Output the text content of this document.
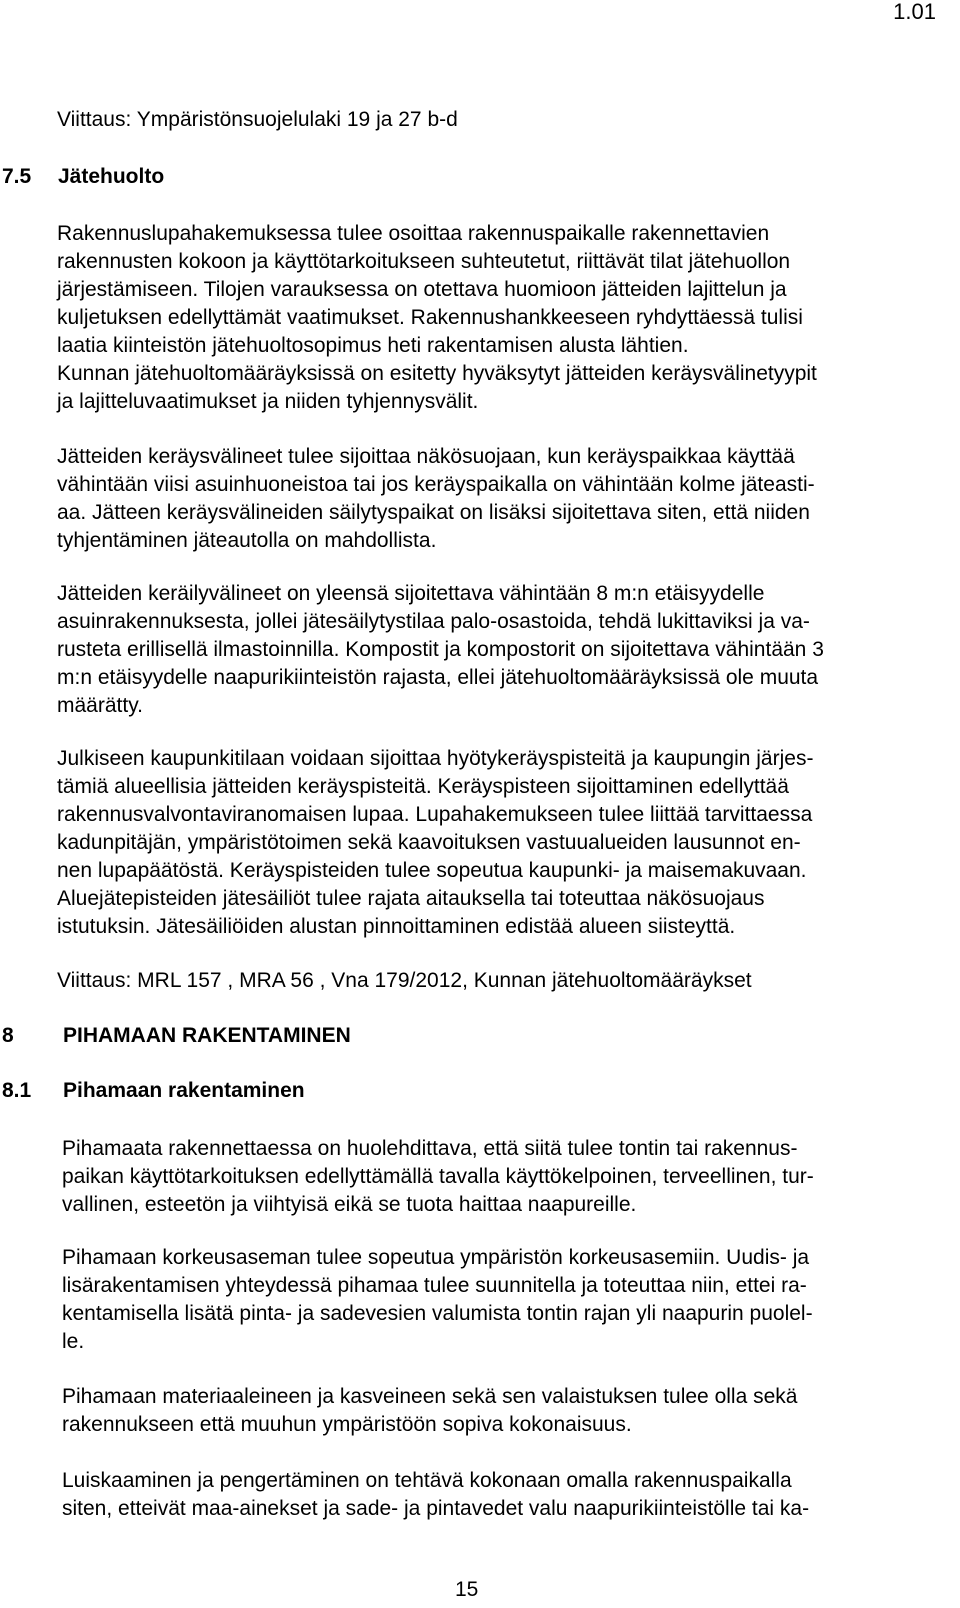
1.01
Viittaus: Ympäristönsuojelulaki 19 ja 27 b-d
7.5 Jätehuolto
Rakennuslupahakemuksessa tulee osoittaa rakennuspaikalle rakennettavien
rakennusten kokoon ja käyttötarkoitukseen suhteutetut, riittävät tilat jätehuollon
järjestämiseen. Tilojen varauksessa on otettava huomioon jätteiden lajittelun ja
kuljetuksen edellyttämät vaatimukset. Rakennushankkeeseen ryhdyttäessä tulisi
laatia kiinteistön jätehuoltosopimus heti rakentamisen alusta lähtien.
Kunnan jätehuoltomääräyksissä on esitetty hyväksytyt jätteiden keräysvälinetyypit
ja lajitteluvaatimukset ja niiden tyhjennysvälit.
Jätteiden keräysvälineet tulee sijoittaa näkösuojaan, kun keräyspaikkaa käyttää
vähintään viisi asuinhuoneistoa tai jos keräyspaikalla on vähintään kolme jäteasti-
aa. Jätteen keräysvälineiden säilytyspaikat on lisäksi sijoitettava siten, että niiden
tyhjentäminen jäteautolla on mahdollista.
Jätteiden keräilyvälineet on yleensä sijoitettava vähintään 8 m:n etäisyydelle
asuinrakennuksesta, jollei jätesäilytystilaa palo-osastoida, tehdä lukittaviksi ja va-
rusteta erillisellä ilmastoinnilla. Kompostit ja kompostorit on sijoitettava vähintään 3
m:n etäisyydelle naapurikiinteistön rajasta, ellei jätehuoltomääräyksissä ole muuta
määrätty.
Julkiseen kaupunkitilaan voidaan sijoittaa hyötykeräyspisteitä ja kaupungin järjes-
tämiä alueellisia jätteiden keräyspisteitä. Keräyspisteen sijoittaminen edellyttää
rakennusvalvontaviranomaisen lupaa. Lupahakemukseen tulee liittää tarvittaessa
kadunpitäjän, ympäristötoimen sekä kaavoituksen vastuualueiden lausunnot en-
nen lupapäätöstä. Keräyspisteiden tulee sopeutua kaupunki- ja maisemakuvaan.
Aluejätepisteiden jätesäiliöt tulee rajata aitauksella tai toteuttaa näkösuojaus
istutuksin. Jätesäiliöiden alustan pinnoittaminen edistää alueen siisteyttä.
Viittaus: MRL 157 , MRA 56 , Vna 179/2012, Kunnan jätehuoltomääräykset
8 PIHAMAAN RAKENTAMINEN
8.1 Pihamaan rakentaminen
Pihamaata rakennettaessa on huolehdittava, että siitä tulee tontin tai rakennus-
paikan käyttötarkoituksen edellyttämällä tavalla käyttökelpoinen, terveellinen, tur-
vallinen, esteetön ja viihtyisä eikä se tuota haittaa naapureille.
Pihamaan korkeusaseman tulee sopeutua ympäristön korkeusasemiin. Uudis- ja
lisärakentamisen yhteydessä pihamaa tulee suunnitella ja toteuttaa niin, ettei ra-
kentamisella lisätä pinta- ja sadevesien valumista tontin rajan yli naapurin puolel-
le.
Pihamaan materiaaleineen ja kasveineen sekä sen valaistuksen tulee olla sekä
rakennukseen että muuhun ympäristöön sopiva kokonaisuus.
Luiskaaminen ja pengertäminen on tehtävä kokonaan omalla rakennuspaikalla
siten, etteivät maa-ainekset ja sade- ja pintavedet valu naapurikiinteistölle tai ka-
15
